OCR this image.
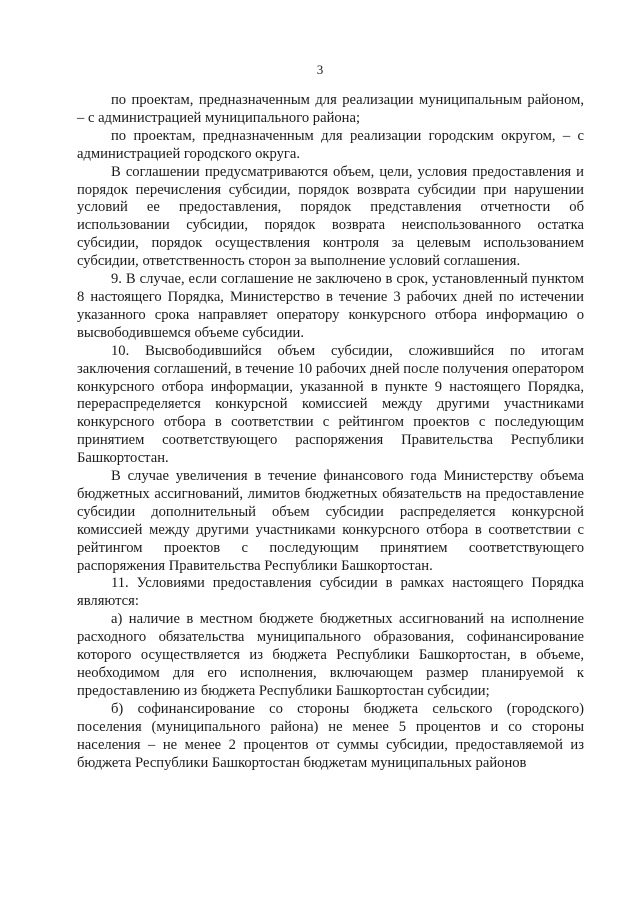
3

по проектам, предназначенным для реализации муниципальным районом, – с администрацией муниципального района;

по проектам, предназначенным для реализации городским округом, – с администрацией городского округа.

В соглашении предусматриваются объем, цели, условия предоставления и порядок перечисления субсидии, порядок возврата субсидии при нарушении условий ее предоставления, порядок представления отчетности об использовании субсидии, порядок возврата неиспользованного остатка субсидии, порядок осуществления контроля за целевым использованием субсидии, ответственность сторон за выполнение условий соглашения.

9. В случае, если соглашение не заключено в срок, установленный пунктом 8 настоящего Порядка, Министерство в течение 3 рабочих дней по истечении указанного срока направляет оператору конкурсного отбора информацию о высвободившемся объеме субсидии.

10. Высвободившийся объем субсидии, сложившийся по итогам заключения соглашений, в течение 10 рабочих дней после получения оператором конкурсного отбора информации, указанной в пункте 9 настоящего Порядка, перераспределяется конкурсной комиссией между другими участниками конкурсного отбора в соответствии с рейтингом проектов с последующим принятием соответствующего распоряжения Правительства Республики Башкортостан.

В случае увеличения в течение финансового года Министерству объема бюджетных ассигнований, лимитов бюджетных обязательств на предоставление субсидии дополнительный объем субсидии распределяется конкурсной комиссией между другими участниками конкурсного отбора в соответствии с рейтингом проектов с последующим принятием соответствующего распоряжения Правительства Республики Башкортостан.

11. Условиями предоставления субсидии в рамках настоящего Порядка являются:

а) наличие в местном бюджете бюджетных ассигнований на исполнение расходного обязательства муниципального образования, софинансирование которого осуществляется из бюджета Республики Башкортостан, в объеме, необходимом для его исполнения, включающем размер планируемой к предоставлению из бюджета Республики Башкортостан субсидии;

б) софинансирование со стороны бюджета сельского (городского) поселения (муниципального района) не менее 5 процентов и со стороны населения – не менее 2 процентов от суммы субсидии, предоставляемой из бюджета Республики Башкортостан бюджетам муниципальных районов
